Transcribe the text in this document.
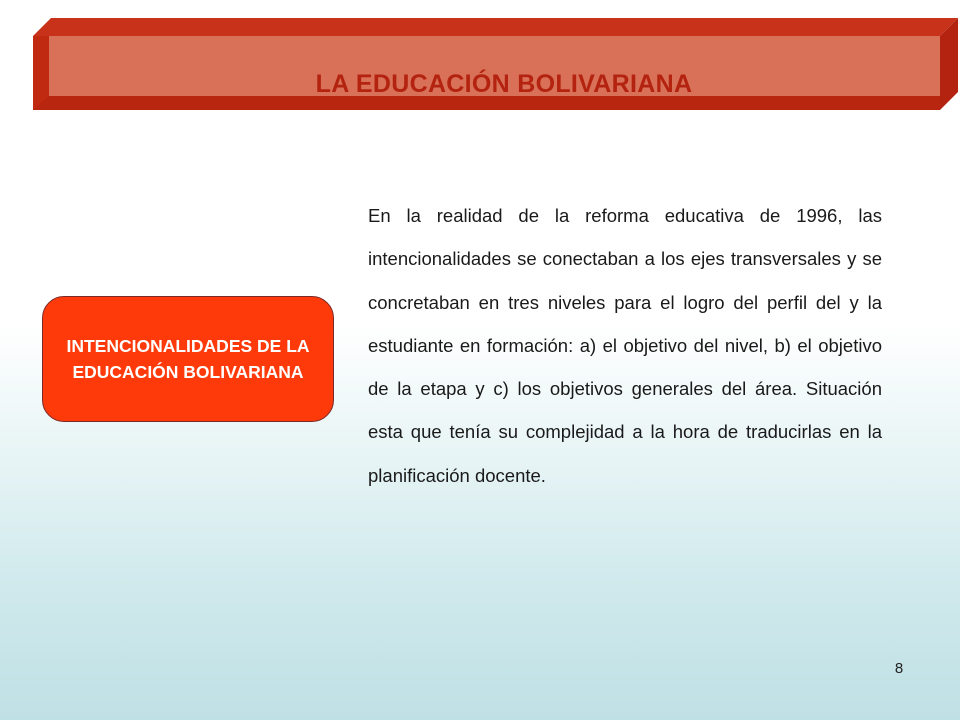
LA EDUCACIÓN BOLIVARIANA
INTENCIONALIDADES DE LA EDUCACIÓN BOLIVARIANA
En la realidad de la reforma educativa de 1996, las intencionalidades se conectaban a los ejes transversales y se concretaban en tres niveles para el logro del perfil del y la estudiante en formación: a) el objetivo del nivel, b) el objetivo de la etapa y c) los objetivos generales del área. Situación esta que tenía su complejidad a la hora de traducirlas en la planificación docente.
8
